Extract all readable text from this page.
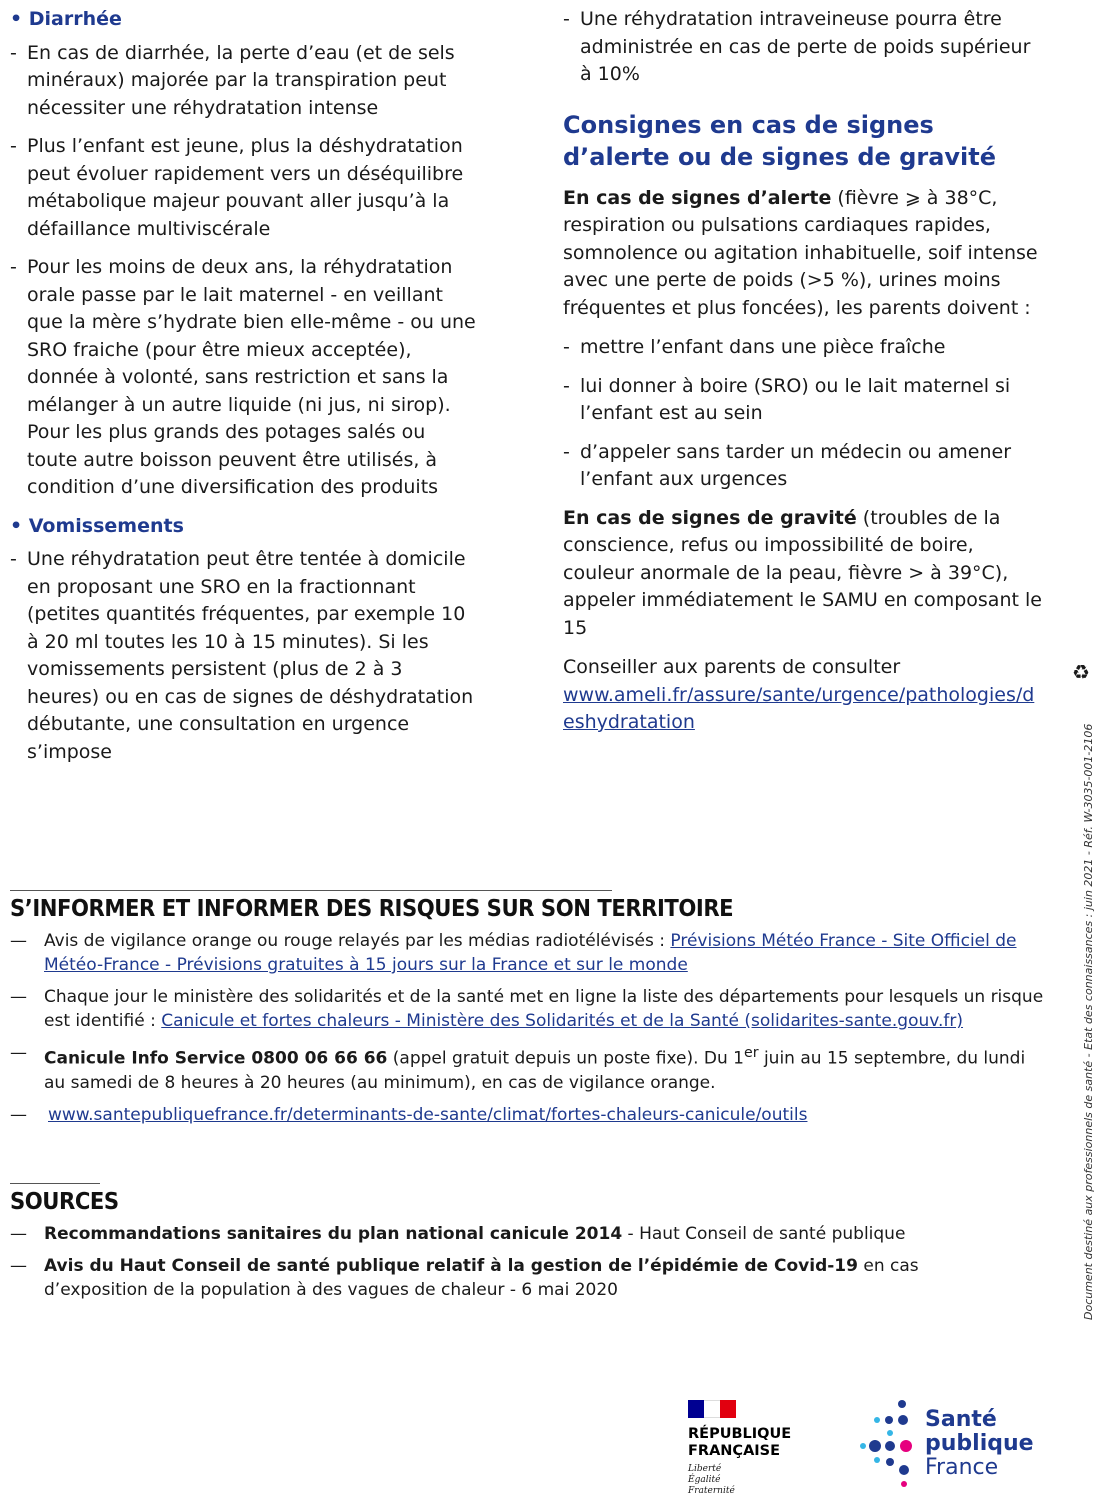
• Diarrhée
- En cas de diarrhée, la perte d’eau (et de sels minéraux) majorée par la transpiration peut nécessiter une réhydratation intense
- Plus l’enfant est jeune, plus la déshydratation peut évoluer rapidement vers un déséquilibre métabolique majeur pouvant aller jusqu’à la défaillance multiviscérale
- Pour les moins de deux ans, la réhydratation orale passe par le lait maternel - en veillant que la mère s’hydrate bien elle-même - ou une SRO fraiche (pour être mieux acceptée), donnée à volonté, sans restriction et sans la mélanger à un autre liquide (ni jus, ni sirop). Pour les plus grands des potages salés ou toute autre boisson peuvent être utilisés, à condition d’une diversification des produits
• Vomissements
- Une réhydratation peut être tentée à domicile en proposant une SRO en la fractionnant (petites quantités fréquentes, par exemple 10 à 20 ml toutes les 10 à 15 minutes). Si les vomissements persistent (plus de 2 à 3 heures) ou en cas de signes de déshydratation débutante, une consultation en urgence s’impose
- Une réhydratation intraveineuse pourra être administrée en cas de perte de poids supérieur à 10%
Consignes en cas de signes d’alerte ou de signes de gravité

En cas de signes d’alerte (fièvre ⩾ à 38°C, respiration ou pulsations cardiaques rapides, somnolence ou agitation inhabituelle, soif intense avec une perte de poids (>5 %), urines moins fréquentes et plus foncées), les parents doivent :

- mettre l’enfant dans une pièce fraîche
- lui donner à boire (SRO) ou le lait maternel si l’enfant est au sein
- d’appeler sans tarder un médecin ou amener l’enfant aux urgences

En cas de signes de gravité (troubles de la conscience, refus ou impossibilité de boire, couleur anormale de la peau, fièvre > à 39°C), appeler immédiatement le SAMU en composant le 15

Conseiller aux parents de consulter
www.ameli.fr/assure/sante/urgence/pathologies/deshydratation

S’INFORMER ET INFORMER DES RISQUES SUR SON TERRITOIRE
— Avis de vigilance orange ou rouge relayés par les médias radiotélévisés : Prévisions Météo France - Site Officiel de Météo-France - Prévisions gratuites à 15 jours sur la France et sur le monde
— Chaque jour le ministère des solidarités et de la santé met en ligne la liste des départements pour lesquels un risque est identifié : Canicule et fortes chaleurs - Ministère des Solidarités et de la Santé (solidarites-sante.gouv.fr)
— Canicule Info Service 0800 06 66 66 (appel gratuit depuis un poste fixe). Du 1er juin au 15 septembre, du lundi au samedi de 8 heures à 20 heures (au minimum), en cas de vigilance orange.
— www.santepubliquefrance.fr/determinants-de-sante/climat/fortes-chaleurs-canicule/outils
SOURCES
— Recommandations sanitaires du plan national canicule 2014 - Haut Conseil de santé publique
— Avis du Haut Conseil de santé publique relatif à la gestion de l’épidémie de Covid-19 en cas d’exposition de la population à des vagues de chaleur - 6 mai 2020
♻
Document destiné aux professionnels de santé - Etat des connaissances : juin 2021 - Réf. W-3035-001-2106
RÉPUBLIQUE FRANÇAISE
Liberté
Égalité
Fraternité
Santé
publique
France
